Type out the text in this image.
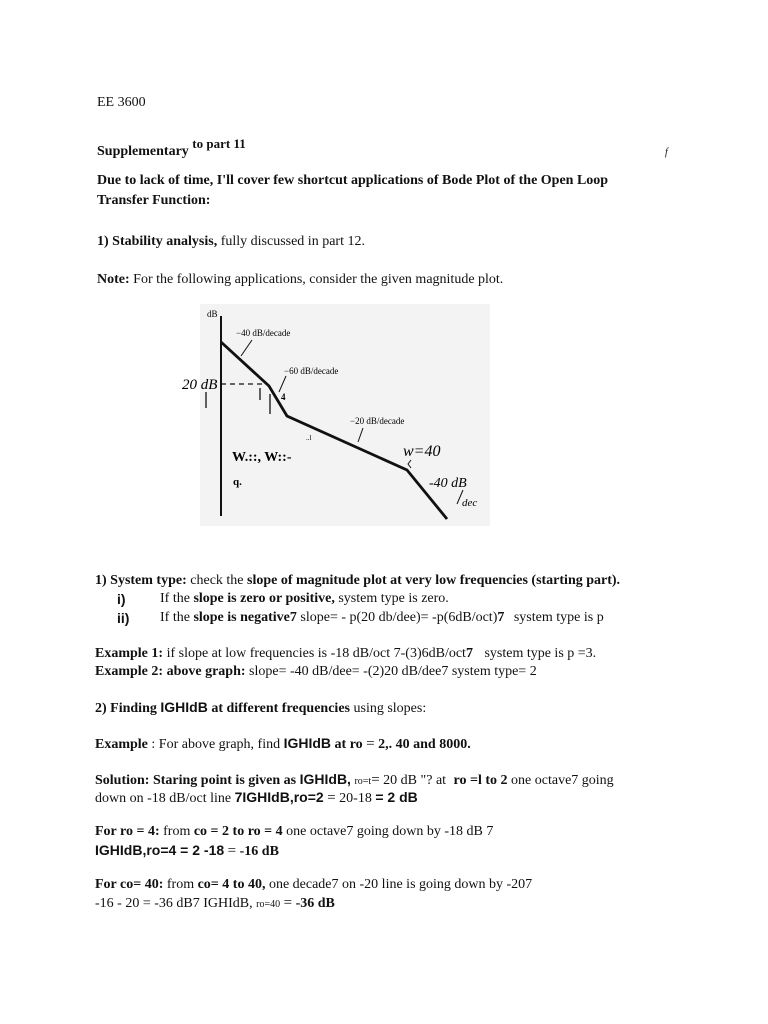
EE 3600
Supplementary to part 11
f
Due to lack of time, I'll cover few shortcut applications of Bode Plot of the Open Loop
Transfer Function:
1) Stability analysis, fully discussed in part 12.
Note: For the following applications, consider the given magnitude plot.
dB
20 dB
−40 dB/decade
−60 dB/decade
4
−20 dB/decade
w=40
-40 dB
dec
..l
W.::, W::-
q.
1) System type: check the slope of magnitude plot at very low frequencies (starting part).
i) If the slope is zero or positive, system type is zero.
ii) If the slope is negative7 slope= - p(20 db/dee)= -p(6dB/oct)7 system type is p
Example 1: if slope at low frequencies is -18 dB/oct 7-(3)6dB/oct7 system type is p =3.
Example 2: above graph: slope= -40 dB/dee= -(2)20 dB/dee7 system type= 2
2) Finding IGHIdB at different frequencies using slopes:
Example : For above graph, find IGHIdB at ro = 2,. 40 and 8000.
Solution: Staring point is given as IGHIdB, ro=t= 20 dB "? at ro =l to 2 one octave7 going
down on -18 dB/oct line 7IGHIdB,ro=2 = 20-18 = 2 dB
For ro = 4: from co = 2 to ro = 4 one octave7 going down by -18 dB 7
IGHIdB,ro=4 = 2 -18 = -16 dB
For co= 40: from co= 4 to 40, one decade7 on -20 line is going down by -207
-16 - 20 = -36 dB7 IGHIdB, ro=40 = -36 dB
